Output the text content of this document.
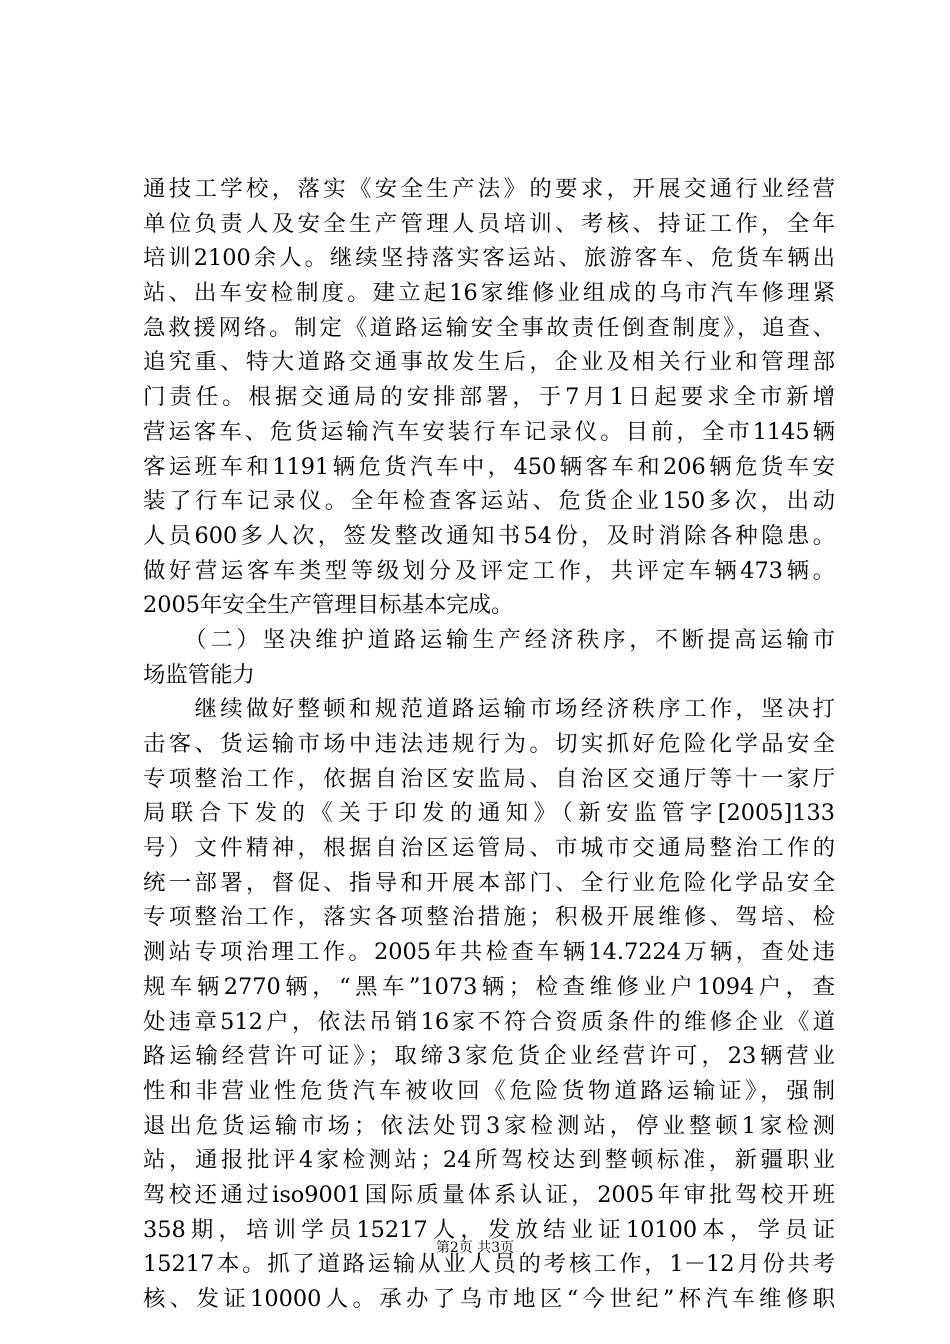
通技工学校，落实《安全生产法》的要求，开展交通行业经营
单位负责人及安全生产管理人员培训、考核、持证工作，全年
培训2100余人。继续坚持落实客运站、旅游客车、危货车辆出
站、出车安检制度。建立起16家维修业组成的乌市汽车修理紧
急救援网络。制定《道路运输安全事故责任倒查制度》，追查、
追究重、特大道路交通事故发生后，企业及相关行业和管理部
门责任。根据交通局的安排部署，于7月1日起要求全市新增
营运客车、危货运输汽车安装行车记录仪。目前，全市1145辆
客运班车和1191辆危货汽车中，450辆客车和206辆危货车安
装了行车记录仪。全年检查客运站、危货企业150多次，出动
人员600多人次，签发整改通知书54份，及时消除各种隐患。
做好营运客车类型等级划分及评定工作，共评定车辆473辆。
2005年安全生产管理目标基本完成。
　　（二）坚决维护道路运输生产经济秩序，不断提高运输市
场监管能力
　　继续做好整顿和规范道路运输市场经济秩序工作，坚决打
击客、货运输市场中违法违规行为。切实抓好危险化学品安全
专项整治工作，依据自治区安监局、自治区交通厅等十一家厅
局联合下发的《关于印发的通知》（新安监管字[2005]133
号）文件精神，根据自治区运管局、市城市交通局整治工作的
统一部署，督促、指导和开展本部门、全行业危险化学品安全
专项整治工作，落实各项整治措施；积极开展维修、驾培、检
测站专项治理工作。2005年共检查车辆14.7224万辆，查处违
规车辆2770辆，“黑车”1073辆；检查维修业户1094户，查
处违章512户，依法吊销16家不符合资质条件的维修企业《道
路运输经营许可证》；取缔3家危货企业经营许可，23辆营业
性和非营业性危货汽车被收回《危险货物道路运输证》，强制
退出危货运输市场；依法处罚3家检测站，停业整顿1家检测
站，通报批评4家检测站；24所驾校达到整顿标准，新疆职业
驾校还通过iso9001国际质量体系认证，2005年审批驾校开班
358期，培训学员15217人，发放结业证10100本，学员证
15217本。抓了道路运输从业人员的考核工作，1－12月份共考
核、发证10000人。承办了乌市地区“今世纪”杯汽车维修职
第2页 共3页
